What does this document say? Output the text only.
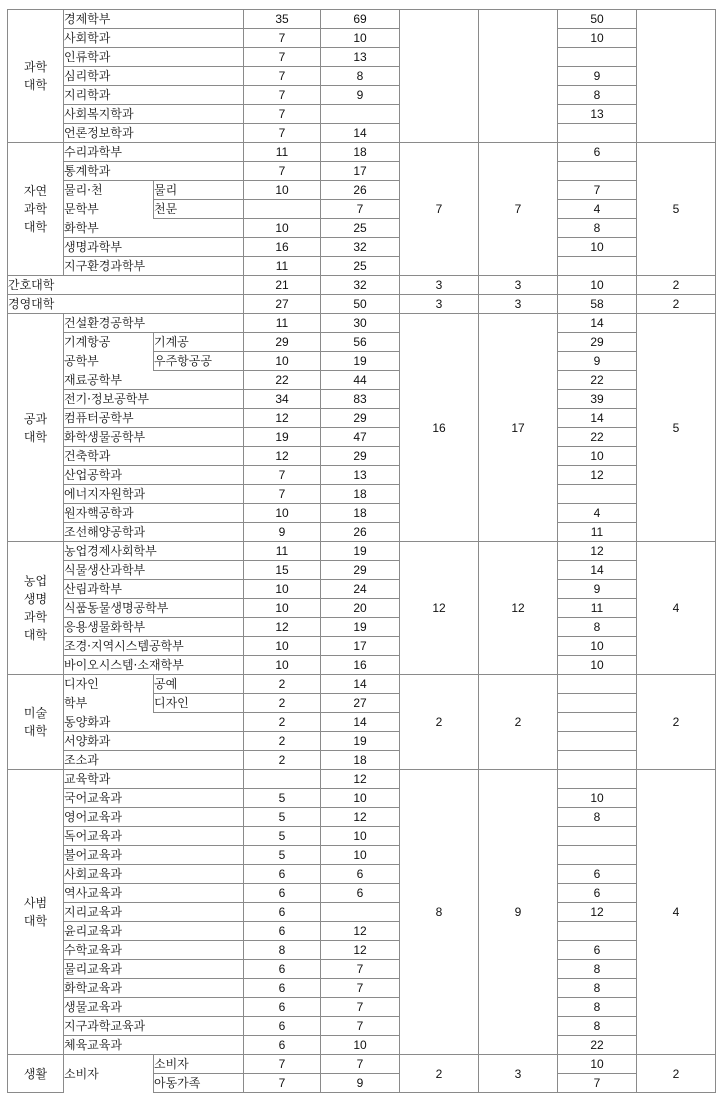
과학
대학	경제학부		35	69			50	
	사회학과		7	10			10	
	인류학과		7	13				
	심리학과		7	8			9	
	지리학과		7	9			8	
	사회복지학과		7				13	
	언론정보학과		7	14				

자연
과학
대학	수리과학부		11	18	7	7	6	5
	통계학과		7	17				
	물리·천	물리	10	26			7	
	문학부	천문		7			4	
	화학부		10	25			8	
	생명과학부		16	32			10	
	지구환경과학부		11	25				
간호대학			21	32	3	3	10	2
경영대학			27	50	3	3	58	2

공과
대학	건설환경공학부		11	30	16	17	14	5
	기계항공	기계공	29	56			29	
	공학부	우주항공공	10	19			9	
	재료공학부		22	44			22	
	전기·정보공학부		34	83			39	
	컴퓨터공학부		12	29			14	
	화학생물공학부		19	47			22	
	건축학과		12	29			10	
	산업공학과		7	13			12	
	에너지자원학과		7	18				
	원자핵공학과		10	18			4	
	조선해양공학과		9	26			11	

농업
생명
과학
대학	농업경제사회학부		11	19	12	12	12	4
	식물생산과학부		15	29			14	
	산림과학부		10	24			9	
	식품동물생명공학부		10	20			11	
	응용생물화학부		12	19			8	
	조경·지역시스템공학부		10	17			10	
	바이오시스템·소재학부		10	16			10	

미술
대학	디자인	공예	2	14	2	2		2
	학부	디자인	2	27				
	동양화과		2	14				
	서양화과		2	19				
	조소과		2	18				

사범
대학	교육학과			12	8	9		4
	국어교육과		5	10			10	
	영어교육과		5	12			8	
	독어교육과		5	10				
	불어교육과		5	10				
	사회교육과		6	6			6	
	역사교육과		6	6			6	
	지리교육과		6				12	
	윤리교육과		6	12				
	수학교육과		8	12			6	
	물리교육과		6	7			8	
	화학교육과		6	7			8	
	생물교육과		6	7			8	
	지구과학교육과		6	7			8	
	체육교육과		6	10			22	

생활	소비자	소비자	7	7	2	3	10	2
		아동가족	7	9			7	
